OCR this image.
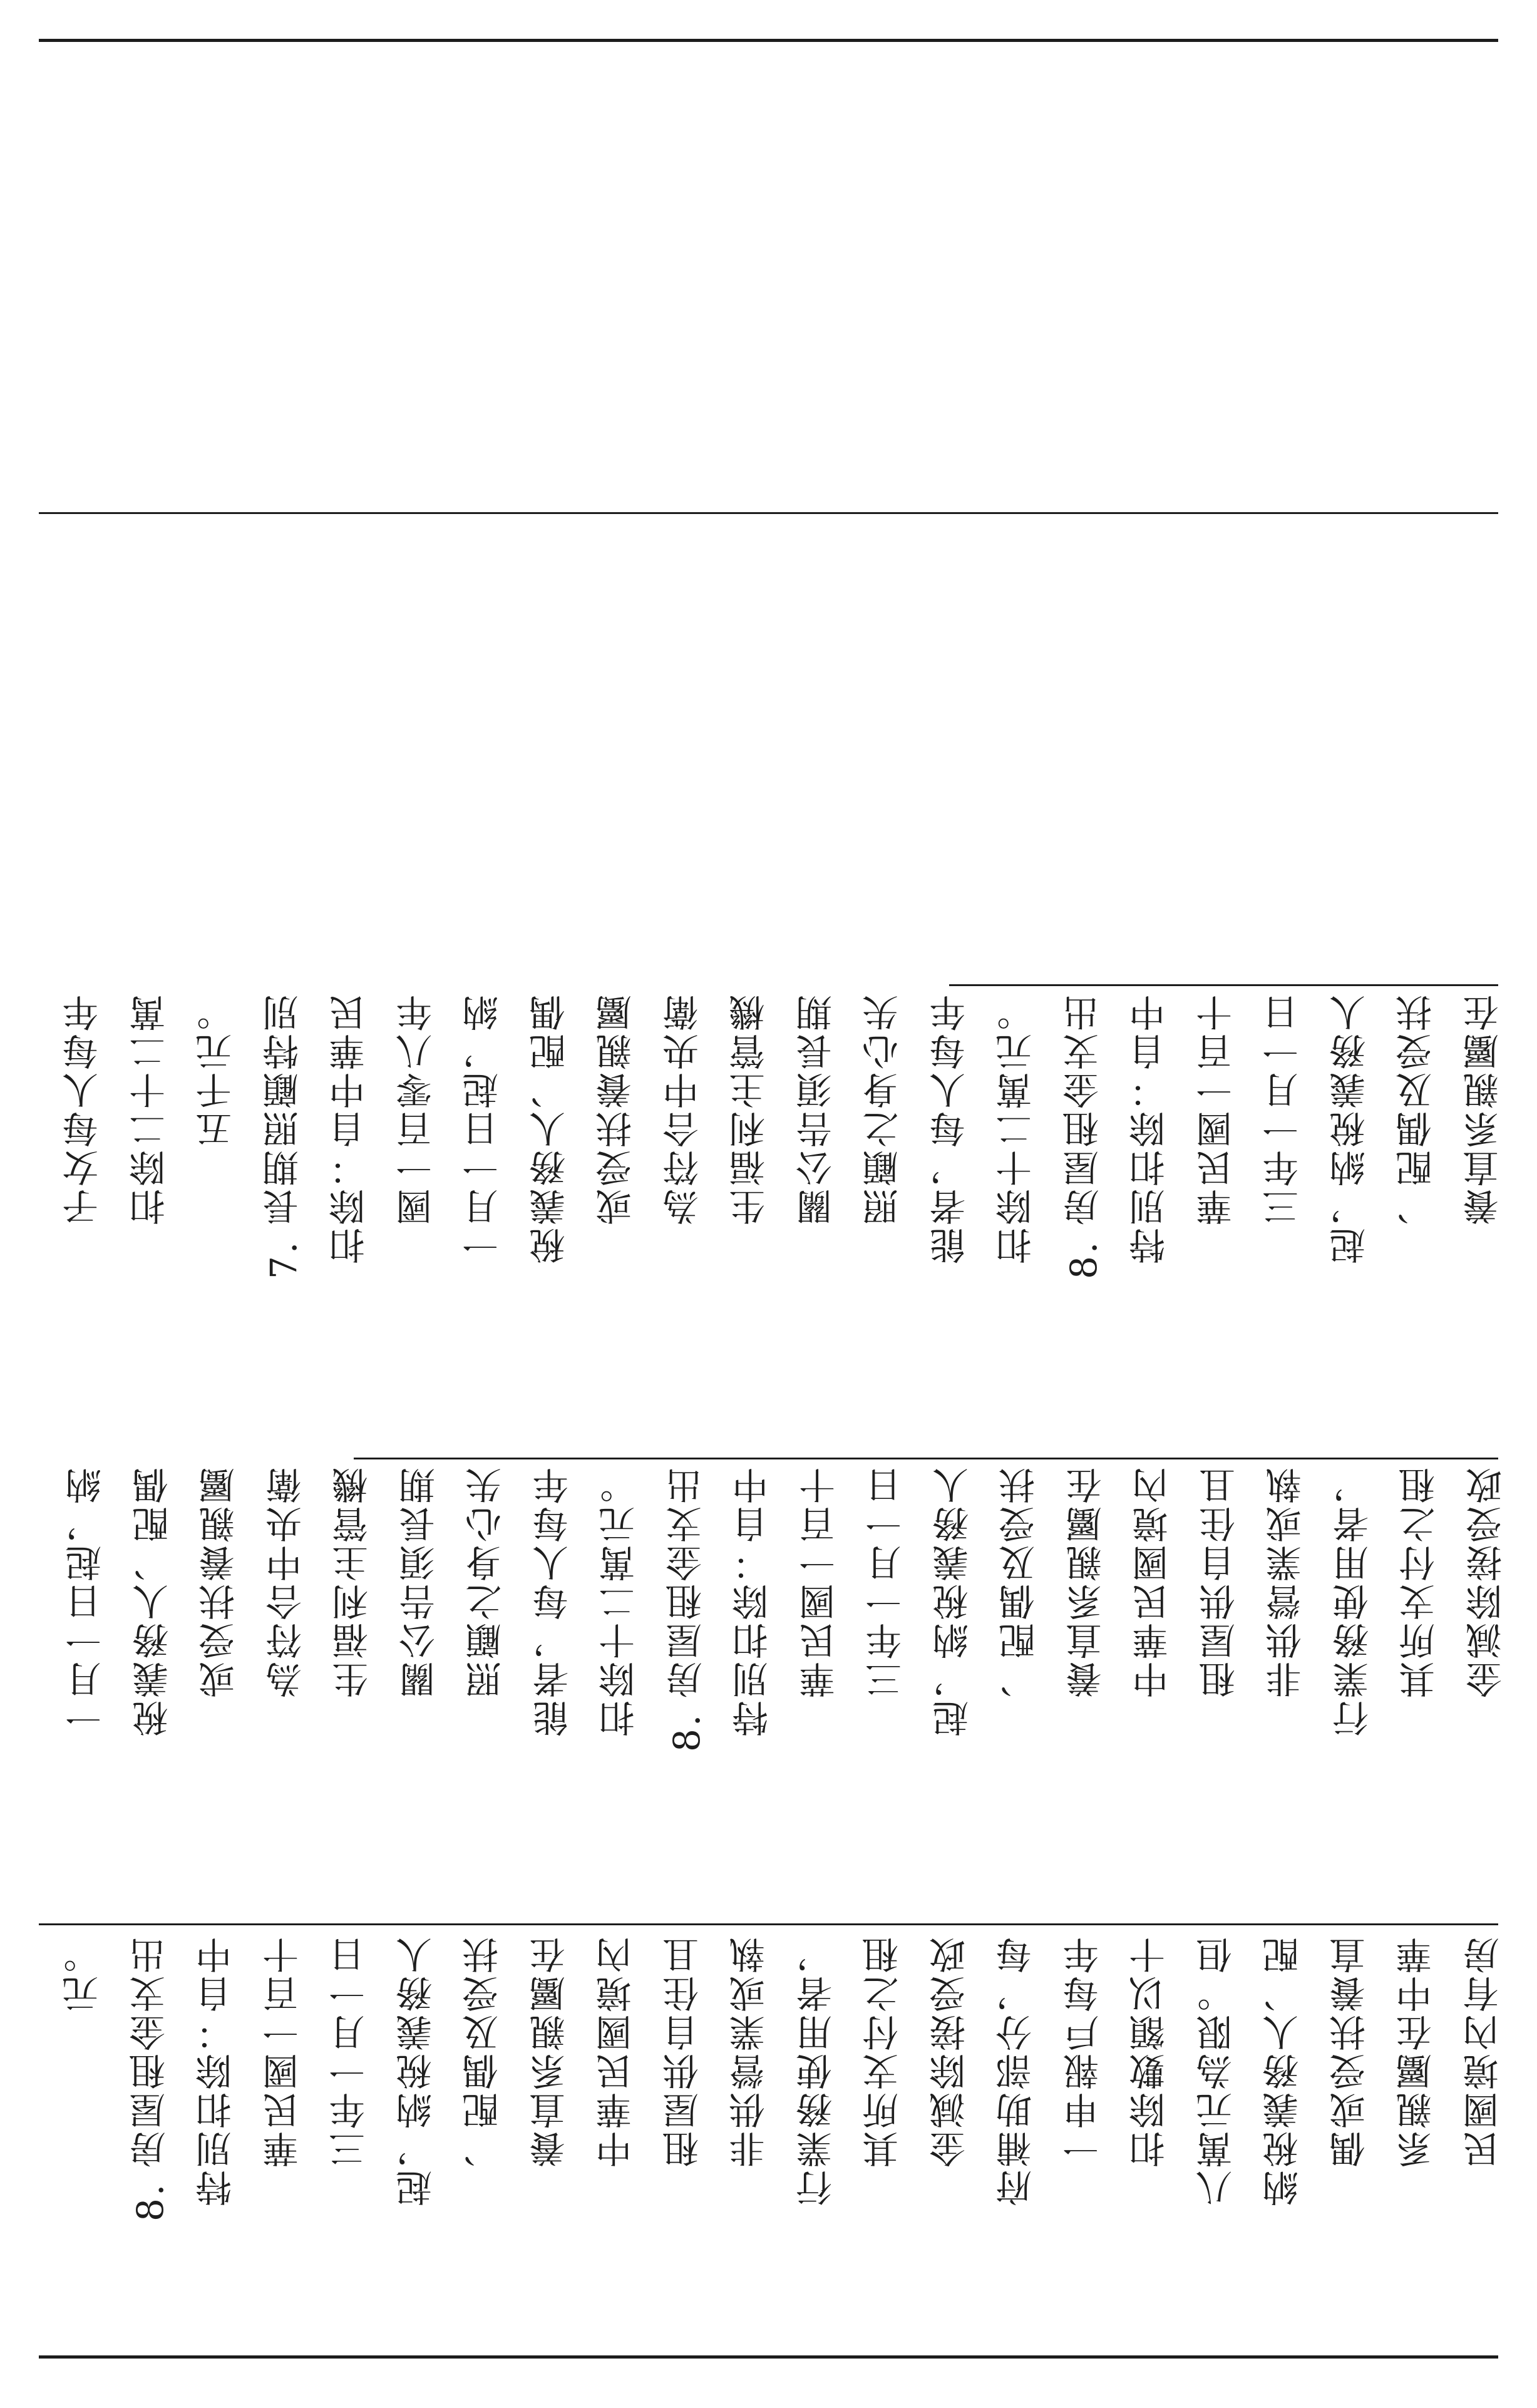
元。 8. 房屋租金支出 特別扣除：自中 華民國一百十 三年一月一日 起，納稅義務人 、配偶及受扶 養直系親屬在 中華民國境內 租屋供自住且 非供營業或執 行業務使用者， 其所支付之租 金減除接受政 府補助部分，每 一申報戶每年 扣除數額以十 八萬元為限。但 納稅義務人、配 偶或受扶養直 系親屬在中華 民國境內有房
一月一日起，納 稅義務人、配偶 或受扶養親屬 為符合中央衛 生福利主管機 關公告須長期 照顧之身心失 能者，每人每年 扣除十二萬元。 8. 房屋租金支出 特別扣除：自中 華民國一百十 三年一月一日 起，納稅義務人 、配偶及受扶 養直系親屬在 中華民國境內 租屋供自住且 非供營業或執 行業務使用者， 其所支付之租 金減除接受政
子女每人每年 扣除二十二萬 五千元。 7. 長期照顧特別 扣除：自中華民 國一百零八年 一月一日起，納 稅義務人、配偶 或受扶養親屬 為符合中央衛 生福利主管機 關公告須長期 照顧之身心失 能者，每人每年 扣除十二萬元。 8. 房屋租金支出 特別扣除：自中 華民國一百十 三年一月一日 起，納稅義務人 、配偶及受扶 養直系親屬在
